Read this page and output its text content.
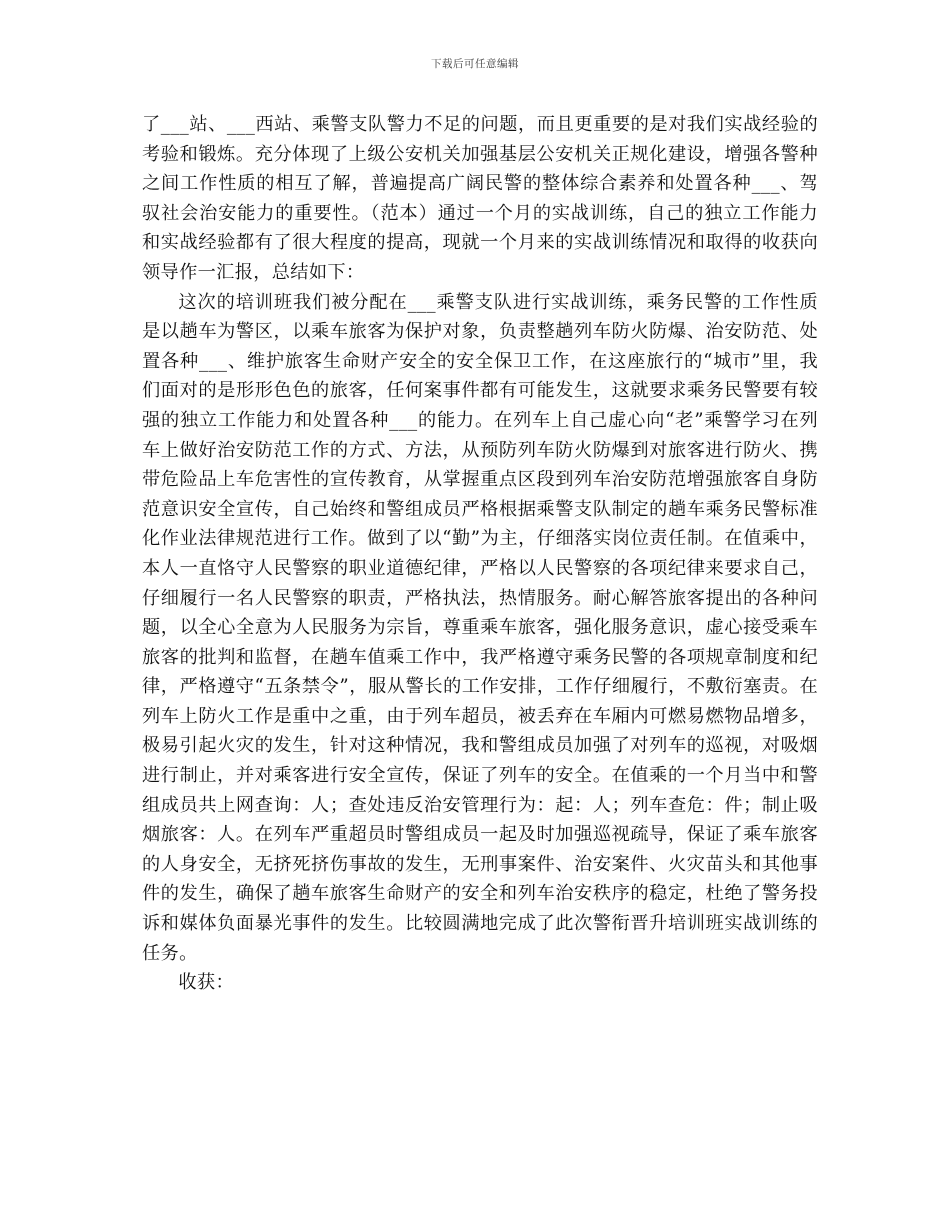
下载后可任意编辑

了___站、___西站、乘警支队警力不足的问题，而且更重要的是对我们实战经验的考验和锻炼。充分体现了上级公安机关加强基层公安机关正规化建设，增强各警种之间工作性质的相互了解，普遍提高广阔民警的整体综合素养和处置各种___、驾驭社会治安能力的重要性。（范本）通过一个月的实战训练，自己的独立工作能力和实战经验都有了很大程度的提高，现就一个月来的实战训练情况和取得的收获向领导作一汇报，总结如下：

这次的培训班我们被分配在___乘警支队进行实战训练，乘务民警的工作性质是以趟车为警区，以乘车旅客为保护对象，负责整趟列车防火防爆、治安防范、处置各种___、维护旅客生命财产安全的安全保卫工作，在这座旅行的“城市”里，我们面对的是形形色色的旅客，任何案事件都有可能发生，这就要求乘务民警要有较强的独立工作能力和处置各种___的能力。在列车上自己虚心向“老”乘警学习在列车上做好治安防范工作的方式、方法，从预防列车防火防爆到对旅客进行防火、携带危险品上车危害性的宣传教育，从掌握重点区段到列车治安防范增强旅客自身防范意识安全宣传，自己始终和警组成员严格根据乘警支队制定的趟车乘务民警标准化作业法律规范进行工作。做到了以“勤”为主，仔细落实岗位责任制。在值乘中，本人一直恪守人民警察的职业道德纪律，严格以人民警察的各项纪律来要求自己，仔细履行一名人民警察的职责，严格执法，热情服务。耐心解答旅客提出的各种问题，以全心全意为人民服务为宗旨，尊重乘车旅客，强化服务意识，虚心接受乘车旅客的批判和监督，在趟车值乘工作中，我严格遵守乘务民警的各项规章制度和纪律，严格遵守“五条禁令”，服从警长的工作安排，工作仔细履行，不敷衍塞责。在列车上防火工作是重中之重，由于列车超员，被丢弃在车厢内可燃易燃物品增多，极易引起火灾的发生，针对这种情况，我和警组成员加强了对列车的巡视，对吸烟进行制止，并对乘客进行安全宣传，保证了列车的安全。在值乘的一个月当中和警组成员共上网查询：人；查处违反治安管理行为：起：人；列车查危：件；制止吸烟旅客：人。在列车严重超员时警组成员一起及时加强巡视疏导，保证了乘车旅客的人身安全，无挤死挤伤事故的发生，无刑事案件、治安案件、火灾苗头和其他事件的发生，确保了趟车旅客生命财产的安全和列车治安秩序的稳定，杜绝了警务投诉和媒体负面暴光事件的发生。比较圆满地完成了此次警衔晋升培训班实战训练的任务。

收获：
